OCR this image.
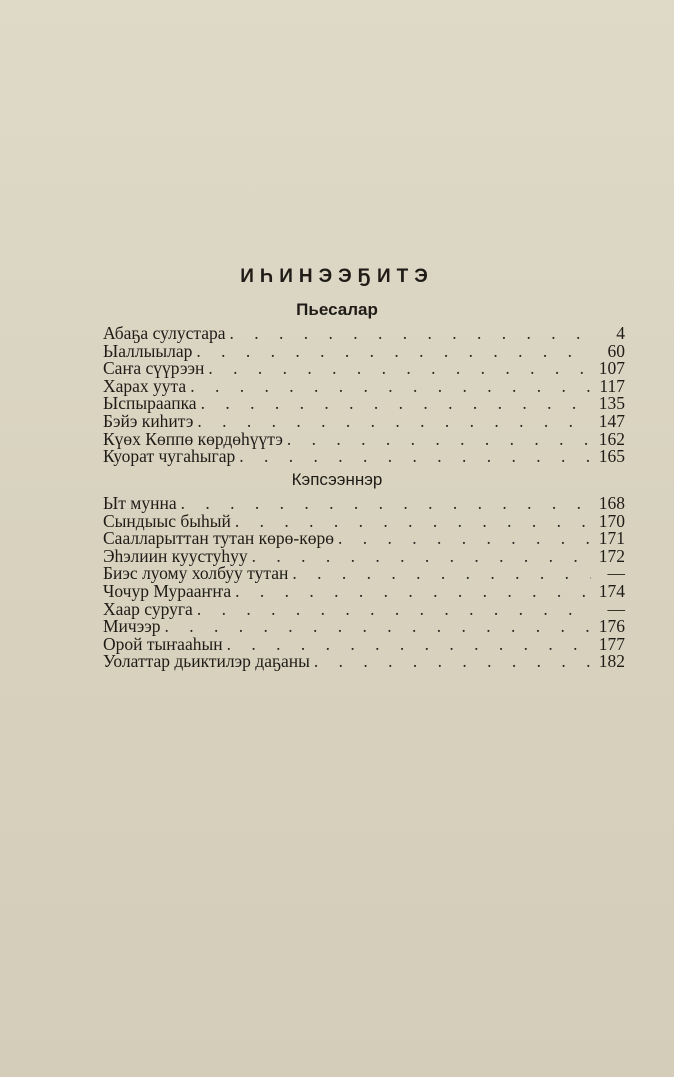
ИҺИНЭЭҔИТЭ
Пьесалар
Абаҕа сулустара . . .	4
Ыаллыылар . . .	60
Саҥа сүүрээн . . .	107
Харах уута . . .	117
Ыспыраапка . . .	135
Бэйэ киһитэ . . .	147
Күөх Көппө көрдөһүүтэ . . .	162
Куорат чугаһыгар . . .	165
Кэпсээннэр
Ыт мунна . . .	168
Сындыыс быһый . . .	170
Саалларыттан тутан көрө-көрө . . .	171
Эһэлиин куустуһуу . . .	172
Биэс луому холбуу тутан . . .	—
Чочур Мурааҥҥа . . .	174
Хаар суруга . . .	—
Мичээр . . .	176
Орой тыҥааһын . . .	177
Уолаттар дьиктилэр даҕаны . . .	182
